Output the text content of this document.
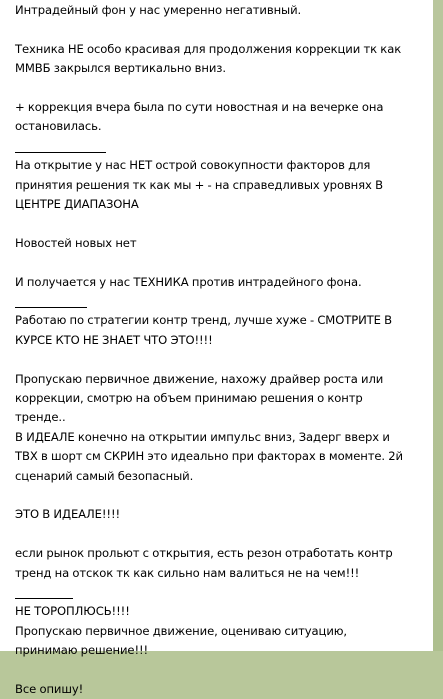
Интрадейный фон у нас умеренно негативный.
Техника НЕ особо красивая для продолжения коррекции тк как
ММВБ закрылся вертикально вниз.
+ коррекция вчера была по сути новостная и на вечерке она
остановилась.
На открытие у нас НЕТ острой совокупности факторов для
принятия решения тк как мы + - на справедливых уровнях В
ЦЕНТРЕ ДИАПАЗОНА
Новостей новых нет
И получается у нас ТЕХНИКА против интрадейного фона.
Работаю по стратегии контр тренд, лучше хуже - СМОТРИТЕ В
КУРСЕ КТО НЕ ЗНАЕТ ЧТО ЭТО!!!!
Пропускаю первичное движение, нахожу драйвер роста или
коррекции, смотрю на объем принимаю решения о контр
тренде..
В ИДЕАЛЕ конечно на открытии импульс вниз, Задерг вверх и
ТВХ в шорт см СКРИН это идеально при факторах в моменте. 2й
сценарий самый безопасный.
ЭТО В ИДЕАЛЕ!!!!
если рынок прольют с открытия, есть резон отработать контр
тренд на отскок тк как сильно нам валиться не на чем!!!
НЕ ТОРОПЛЮСЬ!!!!
Пропускаю первичное движение, оцениваю ситуацию,
принимаю решение!!!
Все опишу!
